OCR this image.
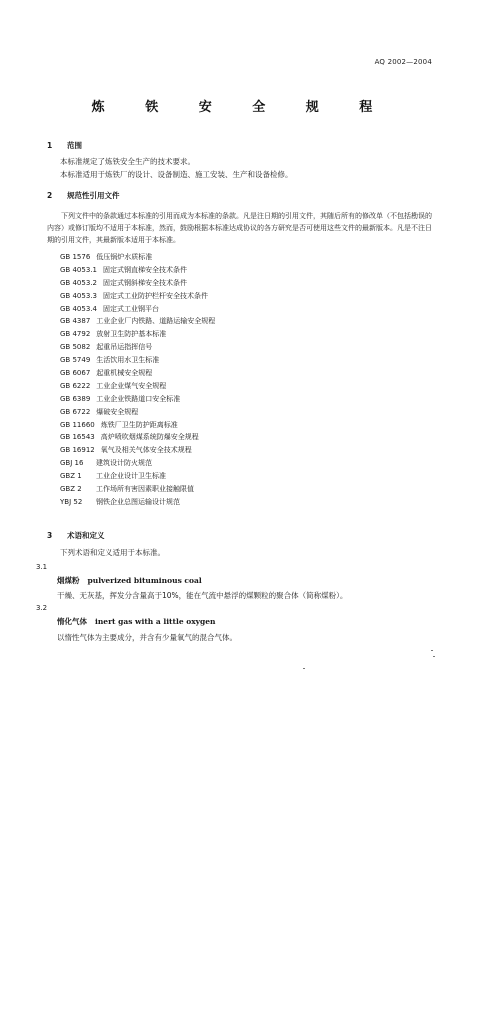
AQ 2002—2004
炼 铁 安 全 规 程
1 范围
本标准规定了炼铁安全生产的技术要求。
本标准适用于炼铁厂的设计、设备制造、施工安装、生产和设备检修。
2 规范性引用文件
下列文件中的条款通过本标准的引用而成为本标准的条款。凡是注日期的引用文件，其随后所有的修改单（不包括勘误的内容）或修订版均不适用于本标准，然而，鼓励根据本标准达成协议的各方研究是否可使用这些文件的最新版本。凡是不注日期的引用文件，其最新版本适用于本标准。
GB 1576 低压锅炉水质标准
GB 4053.1 固定式钢直梯安全技术条件
GB 4053.2 固定式钢斜梯安全技术条件
GB 4053.3 固定式工业防护栏杆安全技术条件
GB 4053.4 固定式工业钢平台
GB 4387 工业企业厂内铁路、道路运输安全规程
GB 4792 放射卫生防护基本标准
GB 5082 起重吊运指挥信号
GB 5749 生活饮用水卫生标准
GB 6067 起重机械安全规程
GB 6222 工业企业煤气安全规程
GB 6389 工业企业铁路道口安全标准
GB 6722 爆破安全规程
GB 11660 炼铁厂卫生防护距离标准
GB 16543 高炉喷吹烟煤系统防爆安全规程
GB 16912 氧气及相关气体安全技术规程
GBJ 16 建筑设计防火规范
GBZ 1 工业企业设计卫生标准
GBZ 2 工作场所有害因素职业接触限值
YBJ 52 钢铁企业总图运输设计规范
3 术语和定义
下列术语和定义适用于本标准。
3.1
烟煤粉 pulverized bituminous coal
干燥、无灰基，挥发分含量高于10%，能在气流中悬浮的煤颗粒的聚合体（简称煤粉）。
3.2
惰化气体 inert gas with a little oxygen
以惰性气体为主要成分，并含有少量氧气的混合气体。
